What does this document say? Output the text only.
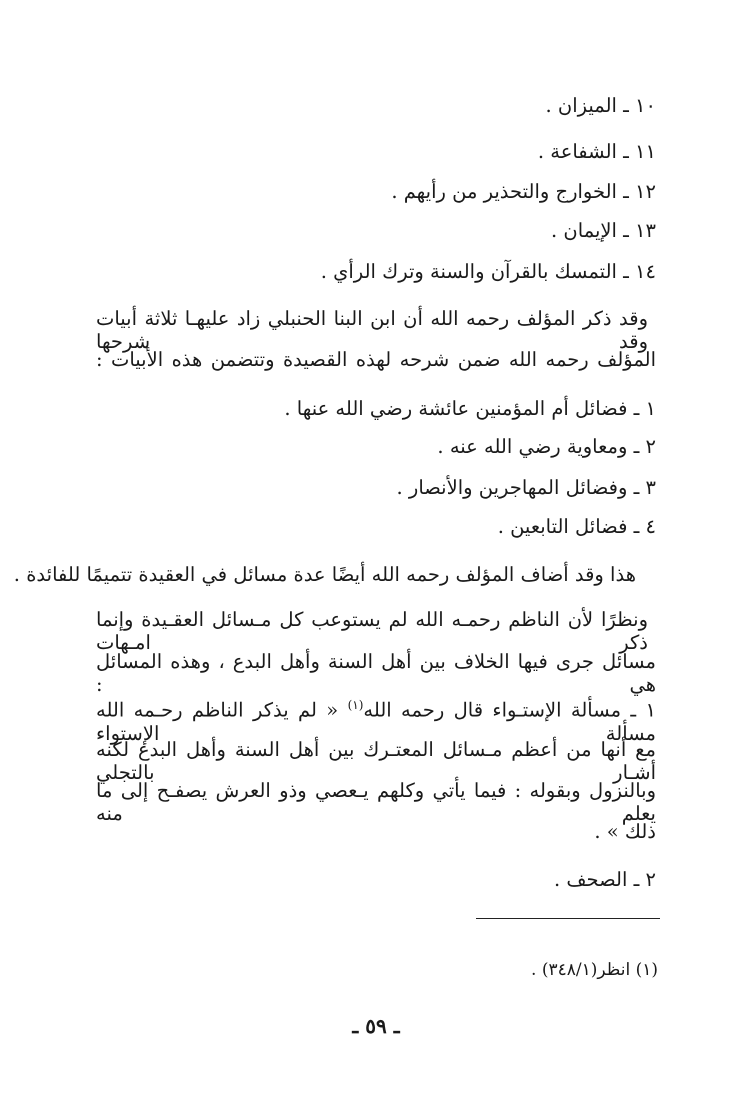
١٠ ـ الميزان .
١١ ـ الشفاعة .
١٢ ـ الخوارج والتحذير من رأيهم .
١٣ ـ الإيمان .
١٤ ـ التمسك بالقرآن والسنة وترك الرأي .
وقد ذكر المؤلف رحمه الله أن ابن البنا الحنبلي زاد عليهـا ثلاثة أبيات وقد شرحها
المؤلف رحمه الله ضمن شرحه لهذه القصيدة وتتضمن هذه الأبيات :
١ ـ فضائل أم المؤمنين عائشة رضي الله عنها .
٢ ـ ومعاوية رضي الله عنه .
٣ ـ وفضائل المهاجرين والأنصار .
٤ ـ فضائل التابعين .
هذا وقد أضاف المؤلف رحمه الله أيضًا عدة مسائل في العقيدة تتميمًا للفائدة .
ونظرًا لأن الناظم رحمـه الله لم يستوعب كل مـسائل العقـيدة وإنما ذكر امـهات
مسائل جرى فيها الخلاف بين أهل السنة وأهل البدع ، وهذه المسائل هي :
١ ـ مسألة الإستـواء قال رحمه الله$^{(١)}$ « لم يذكر الناظم رحـمه الله مسألة الإستواء
مع أنها من أعظم مـسائل المعتـرك بين أهل السنة وأهل البدع لكنه أشـار بالتجلي
وبالنزول وبقوله : فيما يأتي وكلهم يـعصي وذو العرش يصفـح إلى ما يعلم منه
ذلك » .
٢ ـ الصحف .
(١) انظر(٣٤٨/١) .
ـ ٥٩ ـ
